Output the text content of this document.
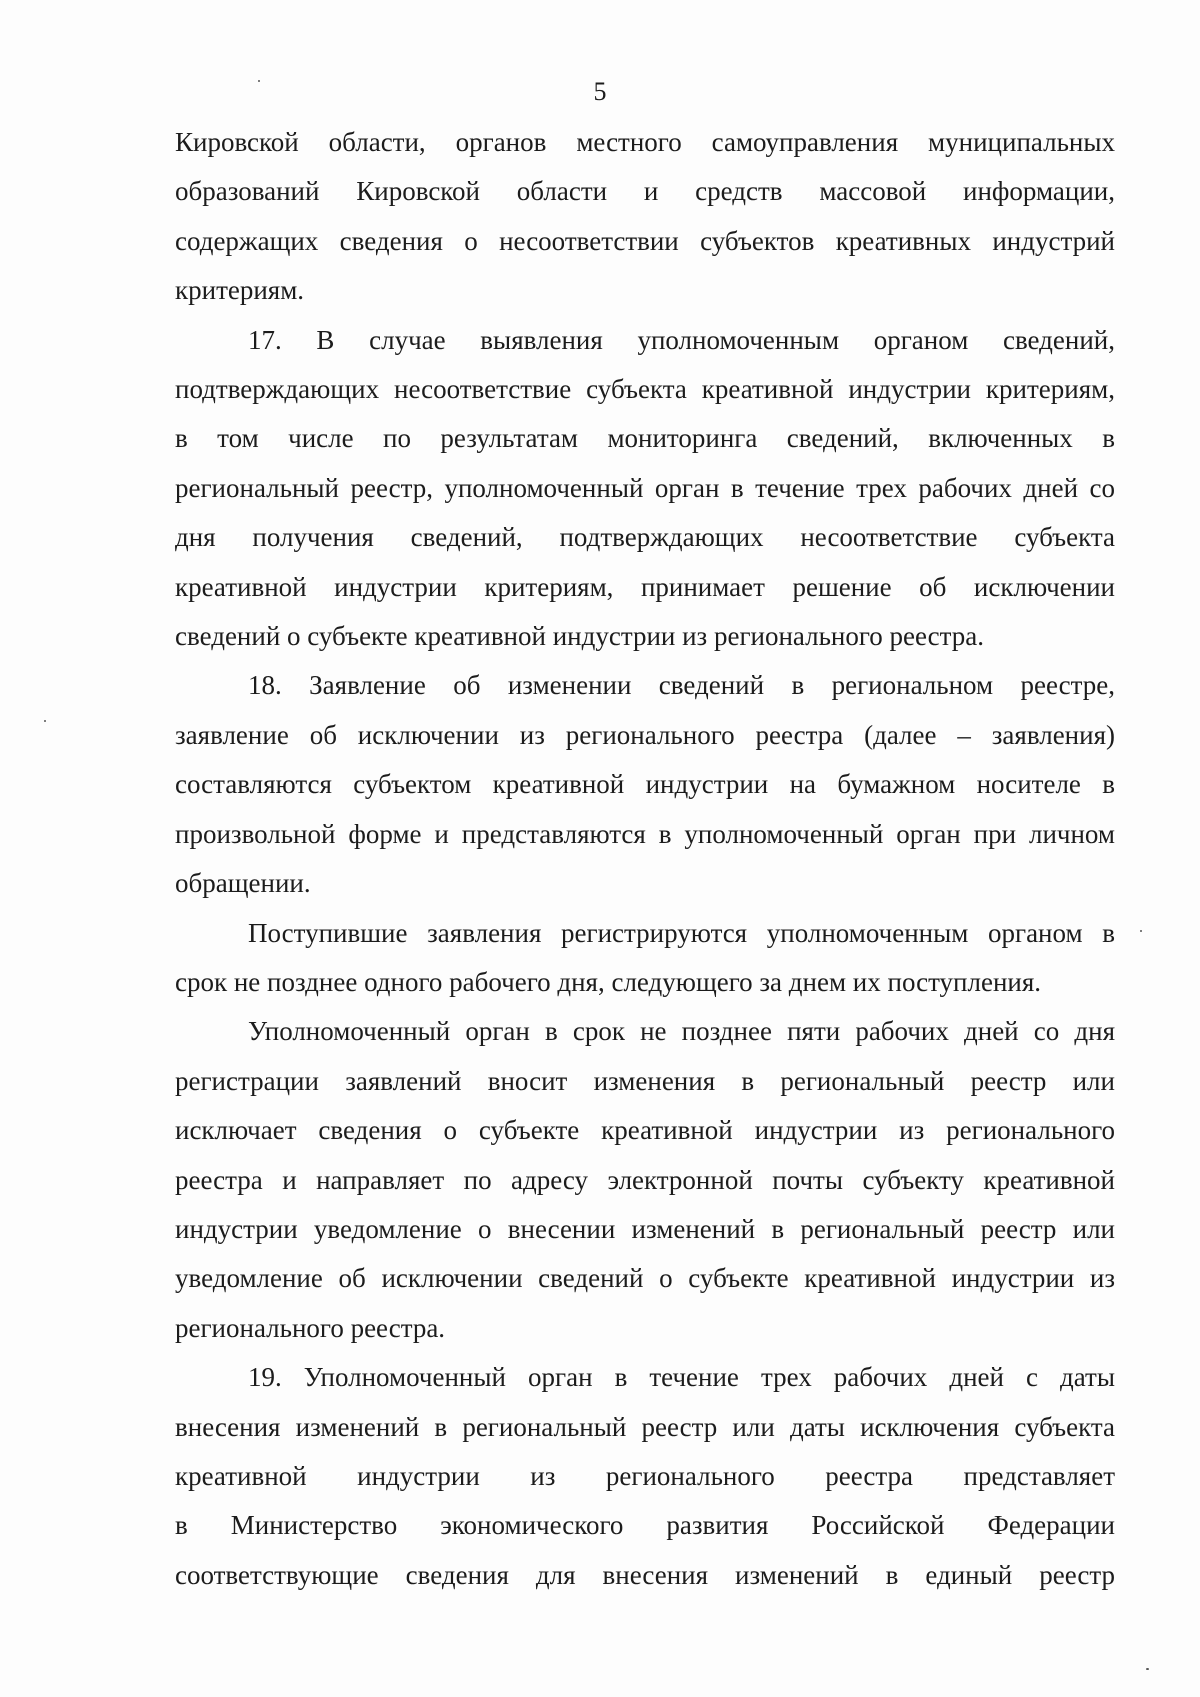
5
Кировской области, органов местного самоуправления муниципальных
образований Кировской области и средств массовой информации,
содержащих сведения о несоответствии субъектов креативных индустрий
критериям.
17. В случае выявления уполномоченным органом сведений,
подтверждающих несоответствие субъекта креативной индустрии критериям,
в том числе по результатам мониторинга сведений, включенных в
региональный реестр, уполномоченный орган в течение трех рабочих дней со
дня получения сведений, подтверждающих несоответствие субъекта
креативной индустрии критериям, принимает решение об исключении
сведений о субъекте креативной индустрии из регионального реестра.
18. Заявление об изменении сведений в региональном реестре,
заявление об исключении из регионального реестра (далее – заявления)
составляются субъектом креативной индустрии на бумажном носителе в
произвольной форме и представляются в уполномоченный орган при личном
обращении.
Поступившие заявления регистрируются уполномоченным органом в
срок не позднее одного рабочего дня, следующего за днем их поступления.
Уполномоченный орган в срок не позднее пяти рабочих дней со дня
регистрации заявлений вносит изменения в региональный реестр или
исключает сведения о субъекте креативной индустрии из регионального
реестра и направляет по адресу электронной почты субъекту креативной
индустрии уведомление о внесении изменений в региональный реестр или
уведомление об исключении сведений о субъекте креативной индустрии из
регионального реестра.
19. Уполномоченный орган в течение трех рабочих дней с даты
внесения изменений в региональный реестр или даты исключения субъекта
креативной индустрии из регионального реестра представляет
в Министерство экономического развития Российской Федерации
соответствующие сведения для внесения изменений в единый реестр
